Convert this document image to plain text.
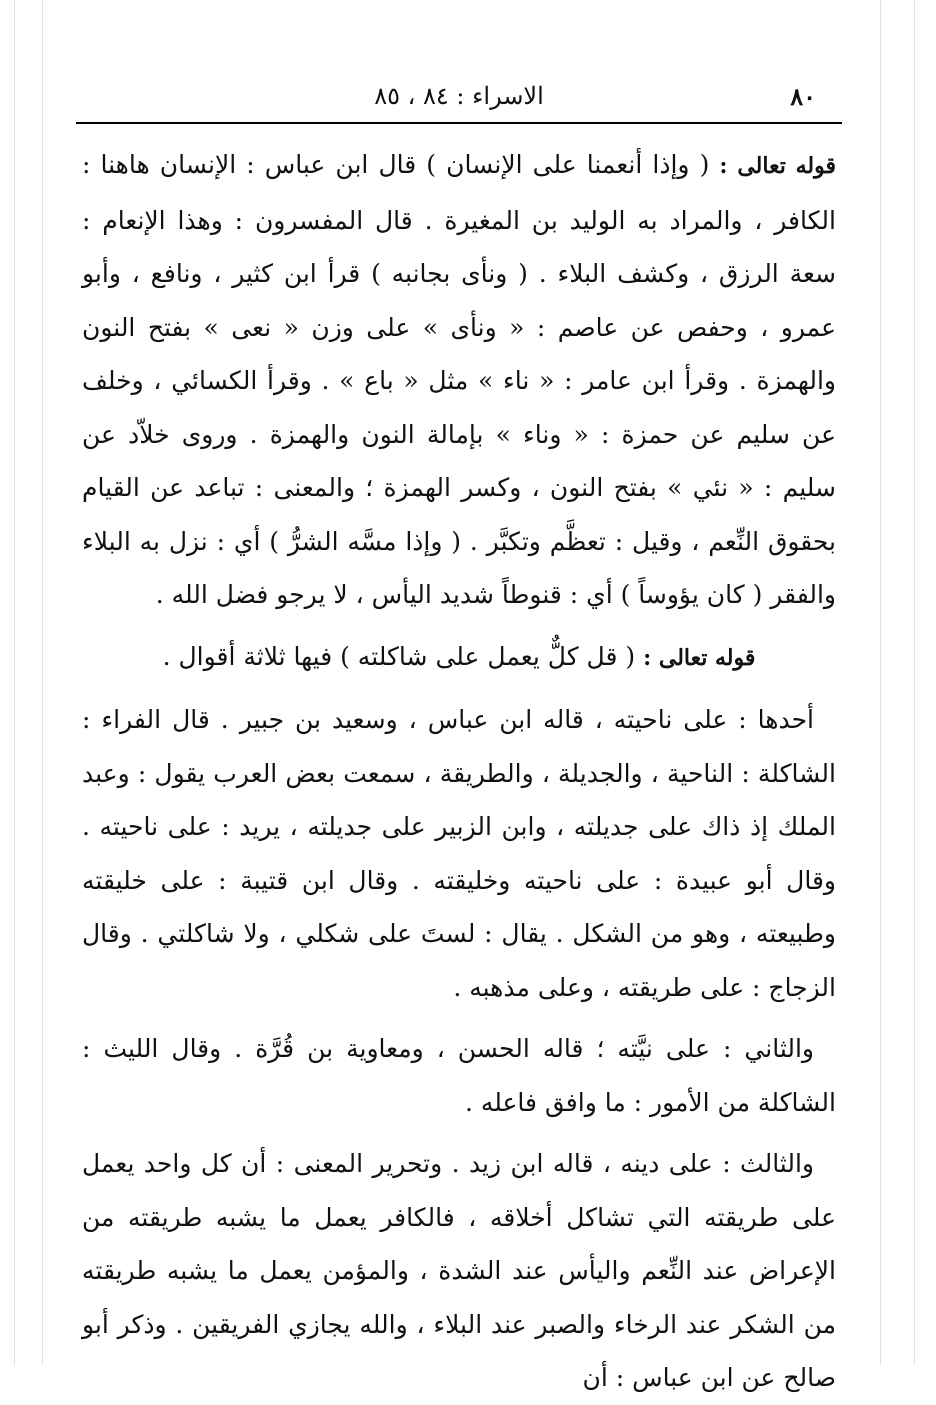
٨٠
الاسراء : ٨٤ ، ٨٥

قوله تعالى : ( وإذا أنعمنا على الإنسان ) قال ابن عباس : الإنسان هاهنا : الكافر ، والمراد به الوليد بن المغيرة . قال المفسرون : وهذا الإنعام : سعة الرزق ، وكشف البلاء . ( ونأى بجانبه ) قرأ ابن كثير ، ونافع ، وأبو عمرو ، وحفص عن عاصم : « ونأى » على وزن « نعى » بفتح النون والهمزة . وقرأ ابن عامر : « ناء » مثل « باع » . وقرأ الكسائي ، وخلف عن سليم عن حمزة : « وناء » بإمالة النون والهمزة . وروى خلاّد عن سليم : « نئي » بفتح النون ، وكسر الهمزة ؛ والمعنى : تباعد عن القيام بحقوق النِّعم ، وقيل : تعظَّم وتكبَّر . ( وإذا مسَّه الشرُّ ) أي : نزل به البلاء والفقر ( كان يؤوساً ) أي : قنوطاً شديد اليأس ، لا يرجو فضل الله .

قوله تعالى : ( قل كلٌّ يعمل على شاكلته ) فيها ثلاثة أقوال .

أحدها : على ناحيته ، قاله ابن عباس ، وسعيد بن جبير . قال الفراء : الشاكلة : الناحية ، والجديلة ، والطريقة ، سمعت بعض العرب يقول : وعبد الملك إذ ذاك على جديلته ، وابن الزبير على جديلته ، يريد : على ناحيته . وقال أبو عبيدة : على ناحيته وخليقته . وقال ابن قتيبة : على خليقته وطبيعته ، وهو من الشكل . يقال : لستَ على شكلي ، ولا شاكلتي . وقال الزجاج : على طريقته ، وعلى مذهبه .

والثاني : على نيَّته ؛ قاله الحسن ، ومعاوية بن قُرَّة . وقال الليث : الشاكلة من الأمور : ما وافق فاعله .

والثالث : على دينه ، قاله ابن زيد . وتحرير المعنى : أن كل واحد يعمل على طريقته التي تشاكل أخلاقه ، فالكافر يعمل ما يشبه طريقته من الإعراض عند النِّعم واليأس عند الشدة ، والمؤمن يعمل ما يشبه طريقته من الشكر عند الرخاء والصبر عند البلاء ، والله يجازي الفريقين . وذكر أبو صالح عن ابن عباس : أن
